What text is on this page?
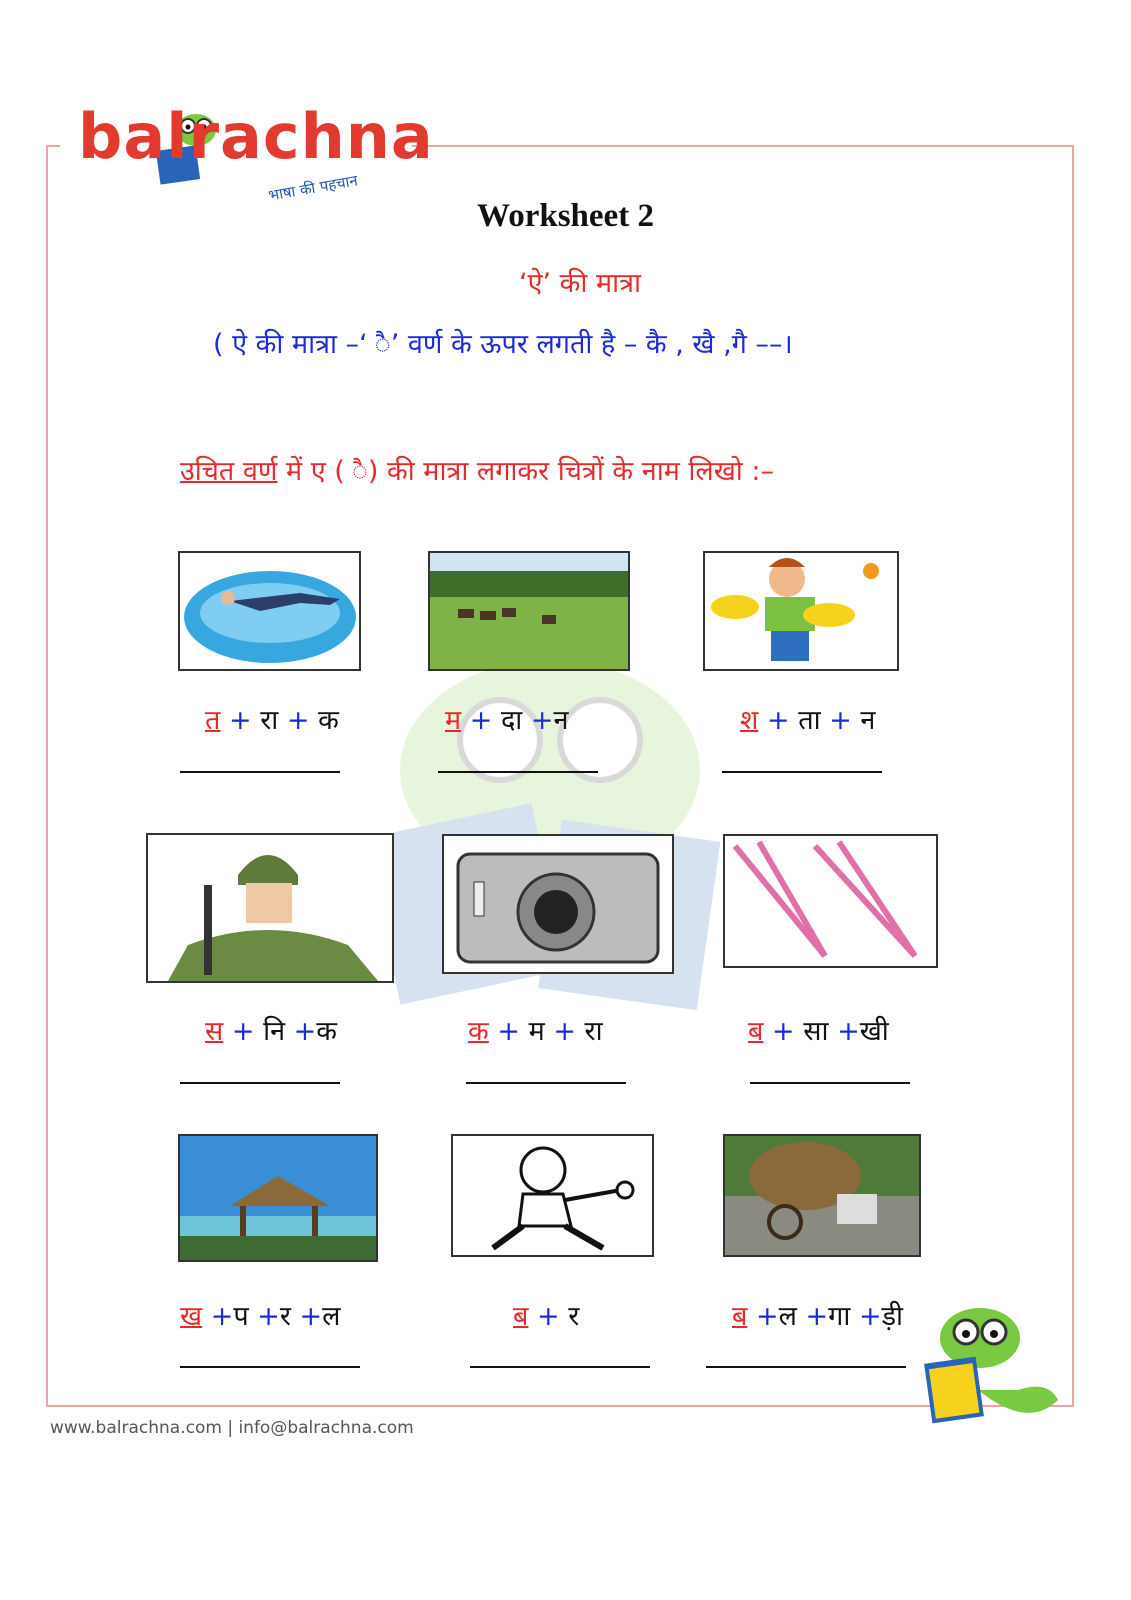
balrachna
भाषा की पहचान
Worksheet 2
‘ऐ’ की मात्रा
( ऐ की मात्रा –‘ ै’ वर्ण के ऊपर लगती है – कै , खै ,गै ––।
उचित वर्ण में ए ( ै) की मात्रा लगाकर चित्रों के नाम लिखो :–
त + रा + क	म + दा +न	श + ता + न
स + नि +क	क + म + रा	ब + सा +खी
ख +प +र +ल	ब + र	ब +ल +गा +ड़ी
www.balrachna.com | info@balrachna.com
